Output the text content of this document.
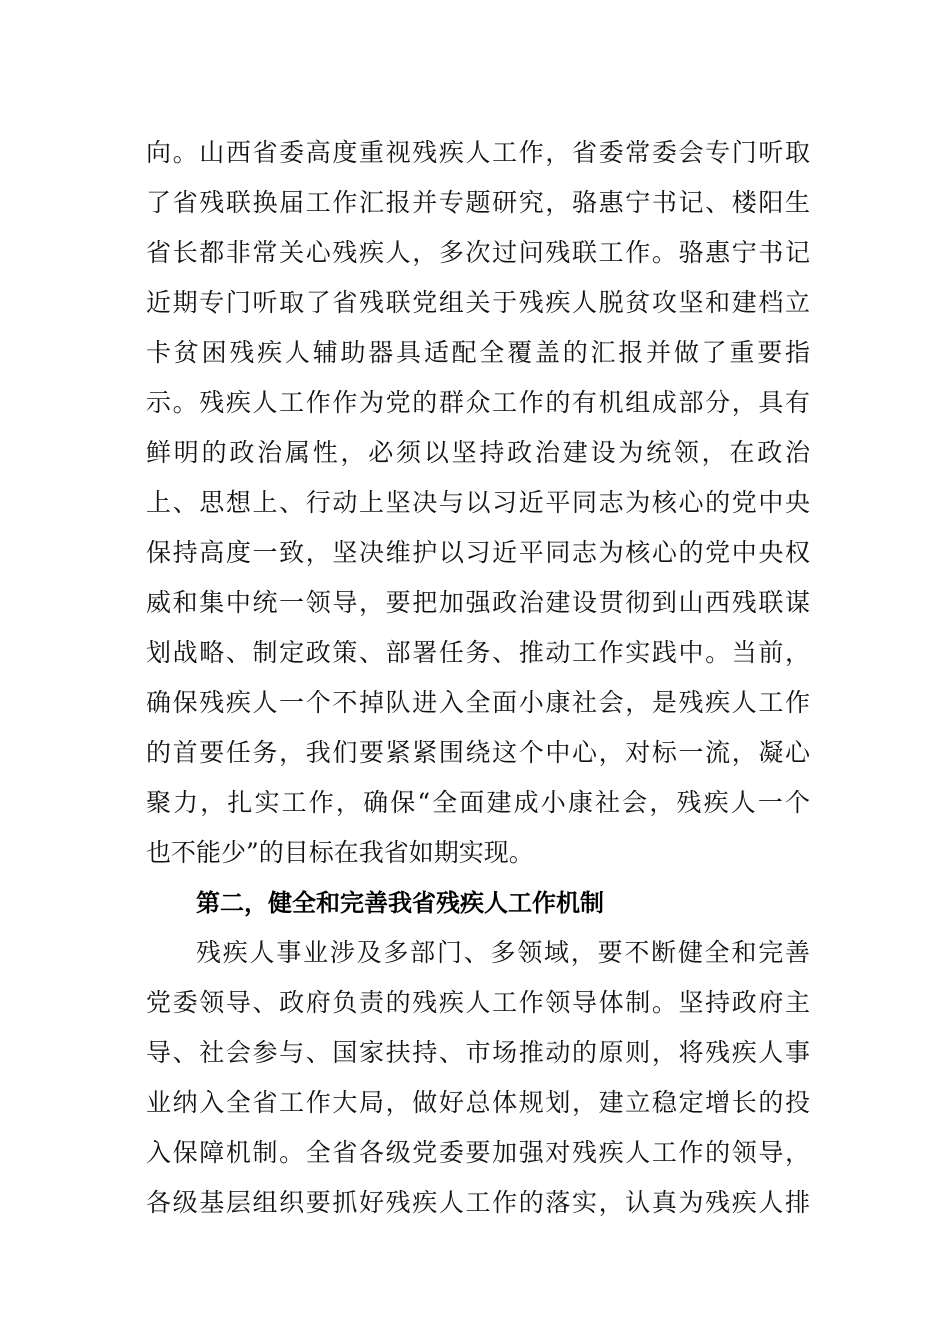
向。山西省委高度重视残疾人工作，省委常委会专门听取
了省残联换届工作汇报并专题研究，骆惠宁书记、楼阳生
省长都非常关心残疾人，多次过问残联工作。骆惠宁书记
近期专门听取了省残联党组关于残疾人脱贫攻坚和建档立
卡贫困残疾人辅助器具适配全覆盖的汇报并做了重要指
示。残疾人工作作为党的群众工作的有机组成部分，具有
鲜明的政治属性，必须以坚持政治建设为统领，在政治
上、思想上、行动上坚决与以习近平同志为核心的党中央
保持高度一致，坚决维护以习近平同志为核心的党中央权
威和集中统一领导，要把加强政治建设贯彻到山西残联谋
划战略、制定政策、部署任务、推动工作实践中。当前，
确保残疾人一个不掉队进入全面小康社会，是残疾人工作
的首要任务，我们要紧紧围绕这个中心，对标一流，凝心
聚力，扎实工作，确保“全面建成小康社会，残疾人一个
也不能少”的目标在我省如期实现。
第二，健全和完善我省残疾人工作机制
残疾人事业涉及多部门、多领域，要不断健全和完善
党委领导、政府负责的残疾人工作领导体制。坚持政府主
导、社会参与、国家扶持、市场推动的原则，将残疾人事
业纳入全省工作大局，做好总体规划，建立稳定增长的投
入保障机制。全省各级党委要加强对残疾人工作的领导，
各级基层组织要抓好残疾人工作的落实，认真为残疾人排
